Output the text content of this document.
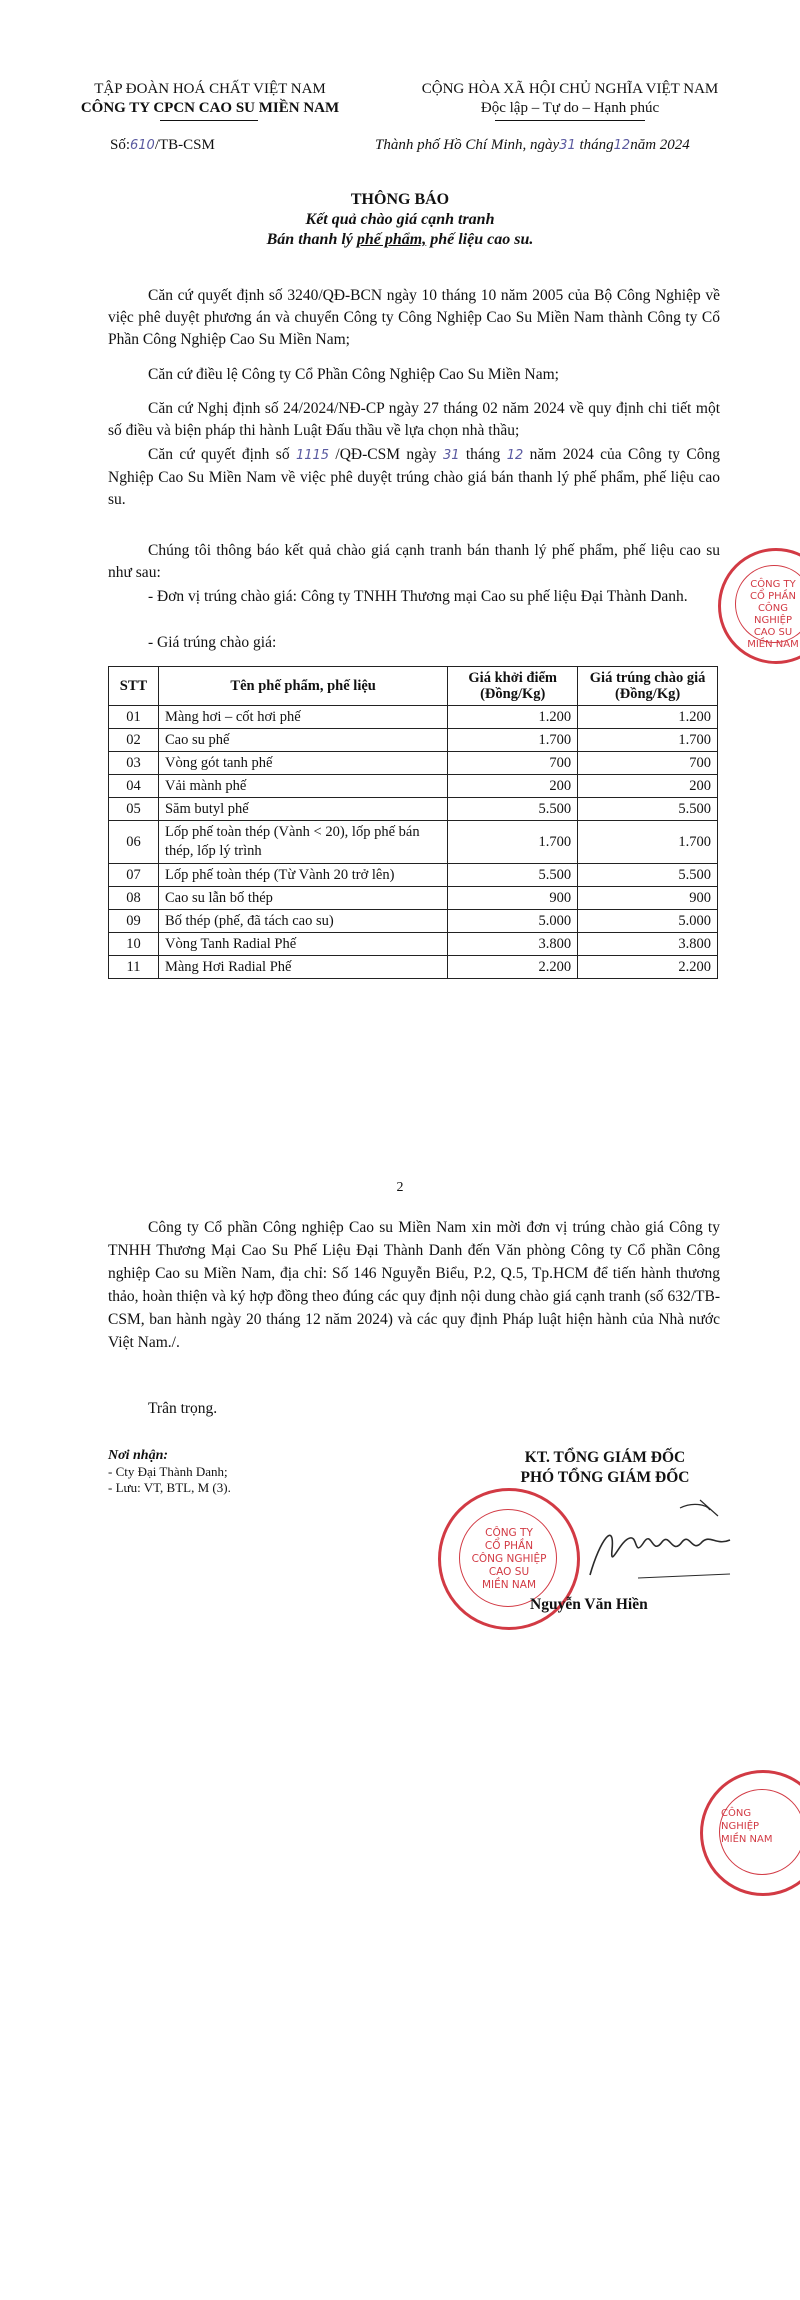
TẬP ĐOÀN HOÁ CHẤT VIỆT NAM
CÔNG TY CPCN CAO SU MIỀN NAM
CỘNG HÒA XÃ HỘI CHỦ NGHĨA VIỆT NAM
Độc lập – Tự do – Hạnh phúc
Số:610/TB-CSM	Thành phố Hồ Chí Minh, ngày31 tháng12năm 2024
THÔNG BÁO
Kết quả chào giá cạnh tranh
Bán thanh lý phế phẩm, phế liệu cao su.
Căn cứ quyết định số 3240/QĐ-BCN ngày 10 tháng 10 năm 2005 của Bộ Công Nghiệp về việc phê duyệt phương án và chuyển Công ty Công Nghiệp Cao Su Miền Nam thành Công ty Cổ Phần Công Nghiệp Cao Su Miền Nam;
Căn cứ điều lệ Công ty Cổ Phần Công Nghiệp Cao Su Miền Nam;
Căn cứ Nghị định số 24/2024/NĐ-CP ngày 27 tháng 02 năm 2024 về quy định chi tiết một số điều và biện pháp thi hành Luật Đấu thầu về lựa chọn nhà thầu;
Căn cứ quyết định số 1115 /QĐ-CSM ngày 31 tháng 12 năm 2024 của Công ty Công Nghiệp Cao Su Miền Nam về việc phê duyệt trúng chào giá bán thanh lý phế phẩm, phế liệu cao su.
Chúng tôi thông báo kết quả chào giá cạnh tranh bán thanh lý phế phẩm, phế liệu cao su như sau:
- Đơn vị trúng chào giá: Công ty TNHH Thương mại Cao su phế liệu Đại Thành Danh.
- Giá trúng chào giá:
STT	Tên phế phẩm, phế liệu	Giá khởi điểm (Đồng/Kg)	Giá trúng chào giá (Đồng/Kg)
01	Màng hơi – cốt hơi phế	1.200	1.200
02	Cao su phế	1.700	1.700
03	Vòng gót tanh phế	700	700
04	Vải mành phế	200	200
05	Săm butyl phế	5.500	5.500
06	Lốp phế toàn thép (Vành < 20), lốp phế bán thép, lốp lý trình	1.700	1.700
07	Lốp phế toàn thép (Từ Vành 20 trở lên)	5.500	5.500
08	Cao su lẫn bố thép	900	900
09	Bố thép (phế, đã tách cao su)	5.000	5.000
10	Vòng Tanh Radial Phế	3.800	3.800
11	Màng Hơi Radial Phế	2.200	2.200
CÔNG TY
CỔ PHẦN
CÔNG NGHIỆP
CAO SU
MIỀN NAM
2
Công ty Cổ phần Công nghiệp Cao su Miền Nam xin mời đơn vị trúng chào giá Công ty TNHH Thương Mại Cao Su Phế Liệu Đại Thành Danh đến Văn phòng Công ty Cổ phần Công nghiệp Cao su Miền Nam, địa chỉ: Số 146 Nguyễn Biểu, P.2, Q.5, Tp.HCM để tiến hành thương thảo, hoàn thiện và ký hợp đồng theo đúng các quy định nội dung chào giá cạnh tranh (số 632/TB-CSM, ban hành ngày 20 tháng 12 năm 2024) và các quy định Pháp luật hiện hành của Nhà nước Việt Nam./.
Trân trọng.
Nơi nhận:
- Cty Đại Thành Danh;
- Lưu: VT, BTL, M (3).
KT. TỔNG GIÁM ĐỐC
PHÓ TỔNG GIÁM ĐỐC
CÔNG TY
CỔ PHẦN
CÔNG NGHIỆP
CAO SU
MIỀN NAM
Nguyễn Văn Hiền
CÔNG NGHIỆP
MIỀN NAM
